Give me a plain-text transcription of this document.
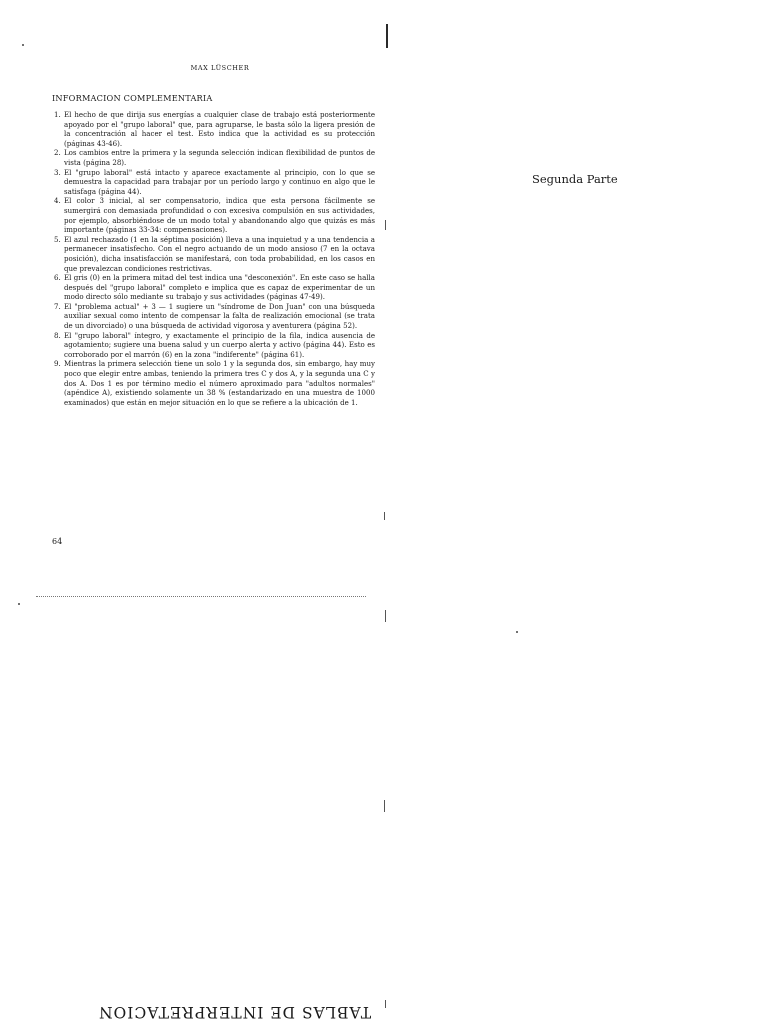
MAX LÜSCHER
INFORMACION COMPLEMENTARIA
1. El hecho de que dirija sus energías a cualquier clase de trabajo está posteriormente apoyado por el "grupo laboral" que, para agruparse, le basta sólo la ligera presión de la concentración al hacer el test. Esto indica que la actividad es su protección (páginas 43-46).
2. Los cambios entre la primera y la segunda selección indican flexibilidad de puntos de vista (página 28).
3. El "grupo laboral" está intacto y aparece exactamente al principio, con lo que se demuestra la capacidad para trabajar por un período largo y continuo en algo que le satisfaga (página 44).
4. El color 3 inicial, al ser compensatorio, indica que esta persona fácilmente se sumergirá con demasiada profundidad o con excesiva compulsión en sus actividades, por ejemplo, absorbiéndose de un modo total y abandonando algo que quizás es más importante (páginas 33-34: compensaciones).
5. El azul rechazado (1 en la séptima posición) lleva a una inquietud y a una tendencia a permanecer insatisfecho. Con el negro actuando de un modo ansioso (7 en la octava posición), dicha insatisfacción se manifestará, con toda probabilidad, en los casos en que prevalezcan condiciones restrictivas.
6. El gris (0) en la primera mitad del test indica una "desconexión". En este caso se halla después del "grupo laboral" completo e implica que es capaz de experimentar de un modo directo sólo mediante su trabajo y sus actividades (páginas 47-49).
7. El "problema actual" + 3 — 1 sugiere un "síndrome de Don Juan" con una búsqueda auxiliar sexual como intento de compensar la falta de realización emocional (se trata de un divorciado) o una búsqueda de actividad vigorosa y aventurera (página 52).
8. El "grupo laboral" íntegro, y exactamente el principio de la fila, indica ausencia de agotamiento; sugiere una buena salud y un cuerpo alerta y activo (página 44). Esto es corroborado por el marrón (6) en la zona "indiferente" (página 61).
9. Mientras la primera selección tiene un solo 1 y la segunda dos, sin embargo, hay muy poco que elegir entre ambas, teniendo la primera tres C y dos A, y la segunda una C y dos A. Dos 1 es por término medio el número aproximado para "adultos normales" (apéndice A), existiendo solamente un 38 % (estandarizado en una muestra de 1000 examinados) que están en mejor situación en lo que se refiere a la ubicación de 1.
64
Segunda Parte
TABLAS DE INTERPRETACION
